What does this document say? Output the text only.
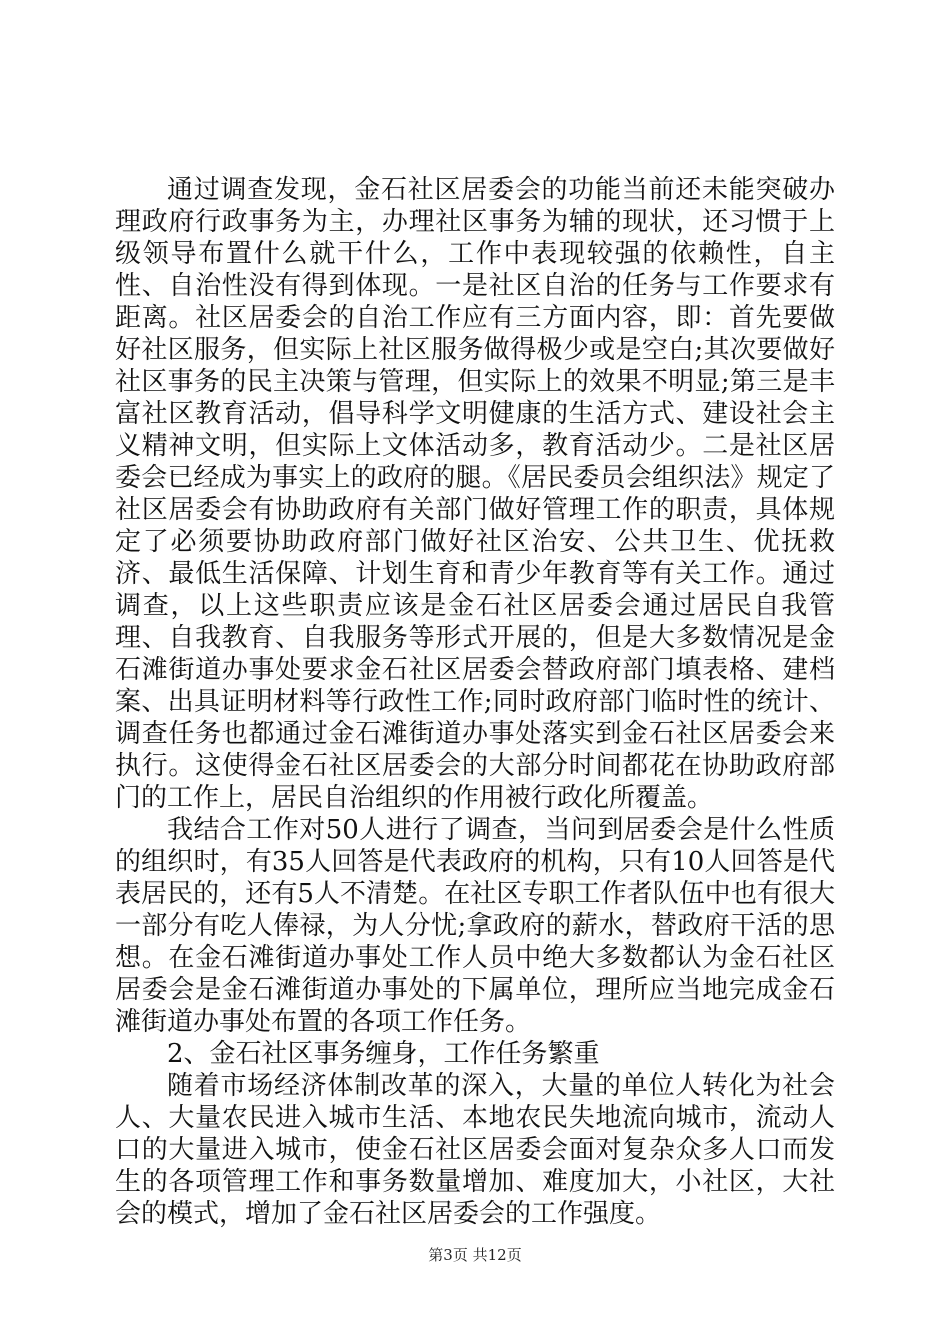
通过调查发现，金石社区居委会的功能当前还未能突破办理政府行政事务为主，办理社区事务为辅的现状，还习惯于上级领导布置什么就干什么，工作中表现较强的依赖性，自主性、自治性没有得到体现。一是社区自治的任务与工作要求有距离。社区居委会的自治工作应有三方面内容，即：首先要做好社区服务，但实际上社区服务做得极少或是空白;其次要做好社区事务的民主决策与管理，但实际上的效果不明显;第三是丰富社区教育活动，倡导科学文明健康的生活方式、建设社会主义精神文明，但实际上文体活动多，教育活动少。二是社区居委会已经成为事实上的政府的腿。《居民委员会组织法》规定了社区居委会有协助政府有关部门做好管理工作的职责，具体规定了必须要协助政府部门做好社区治安、公共卫生、优抚救济、最低生活保障、计划生育和青少年教育等有关工作。通过调查，以上这些职责应该是金石社区居委会通过居民自我管理、自我教育、自我服务等形式开展的，但是大多数情况是金石滩街道办事处要求金石社区居委会替政府部门填表格、建档案、出具证明材料等行政性工作;同时政府部门临时性的统计、调查任务也都通过金石滩街道办事处落实到金石社区居委会来执行。这使得金石社区居委会的大部分时间都花在协助政府部门的工作上，居民自治组织的作用被行政化所覆盖。

我结合工作对50人进行了调查，当问到居委会是什么性质的组织时，有35人回答是代表政府的机构，只有10人回答是代表居民的，还有5人不清楚。在社区专职工作者队伍中也有很大一部分有吃人俸禄，为人分忧;拿政府的薪水，替政府干活的思想。在金石滩街道办事处工作人员中绝大多数都认为金石社区居委会是金石滩街道办事处的下属单位，理所应当地完成金石滩街道办事处布置的各项工作任务。

2、金石社区事务缠身，工作任务繁重

随着市场经济体制改革的深入，大量的单位人转化为社会人、大量农民进入城市生活、本地农民失地流向城市，流动人口的大量进入城市，使金石社区居委会面对复杂众多人口而发生的各项管理工作和事务数量增加、难度加大，小社区，大社会的模式，增加了金石社区居委会的工作强度。

第3页 共12页
